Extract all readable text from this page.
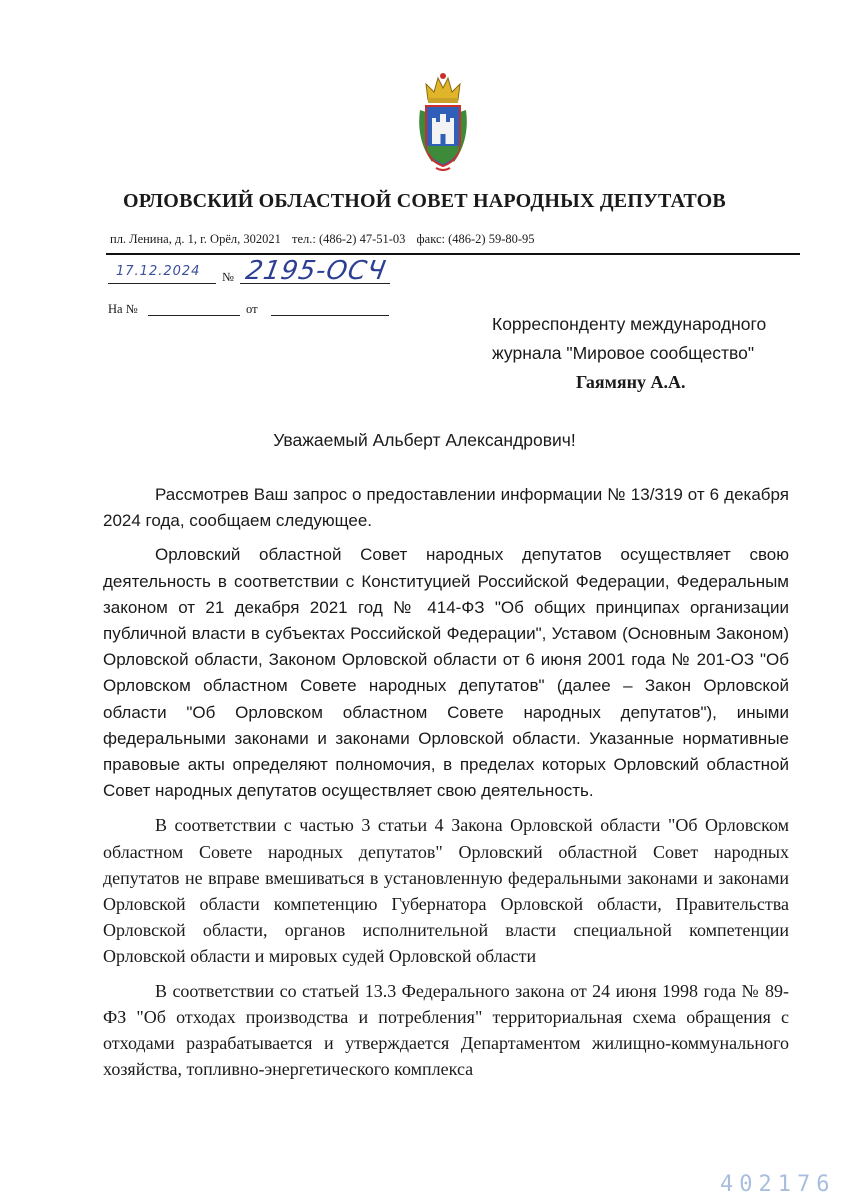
ОРЛОВСКИЙ ОБЛАСТНОЙ СОВЕТ НАРОДНЫХ ДЕПУТАТОВ
пл. Ленина, д. 1, г. Орёл, 302021 тел.: (486-2) 47-51-03 факс: (486-2) 59-80-95
17.12.2024 № 2195-ОСЧ
На №	от
Корреспонденту международного
журнала "Мировое сообщество"
Гаямяну А.А.
Уважаемый Альберт Александрович!

Рассмотрев Ваш запрос о предоставлении информации № 13/319 от 6 декабря 2024 года, сообщаем следующее.

Орловский областной Совет народных депутатов осуществляет свою деятельность в соответствии с Конституцией Российской Федерации, Федеральным законом от 21 декабря 2021 год № 414-ФЗ "Об общих принципах организации публичной власти в субъектах Российской Федерации", Уставом (Основным Законом) Орловской области, Законом Орловской области от 6 июня 2001 года № 201-ОЗ "Об Орловском областном Совете народных депутатов" (далее – Закон Орловской области "Об Орловском областном Совете народных депутатов"), иными федеральными законами и законами Орловской области. Указанные нормативные правовые акты определяют полномочия, в пределах которых Орловский областной Совет народных депутатов осуществляет свою деятельность.

В соответствии с частью 3 статьи 4 Закона Орловской области "Об Орловском областном Совете народных депутатов" Орловский областной Совет народных депутатов не вправе вмешиваться в установленную федеральными законами и законами Орловской области компетенцию Губернатора Орловской области, Правительства Орловской области, органов исполнительной власти специальной компетенции Орловской области и мировых судей Орловской области

В соответствии со статьей 13.3 Федерального закона от 24 июня 1998 года № 89-ФЗ "Об отходах производства и потребления" территориальная схема обращения с отходами разрабатывается и утверждается Департаментом жилищно-коммунального хозяйства, топливно-энергетического комплекса

402176
